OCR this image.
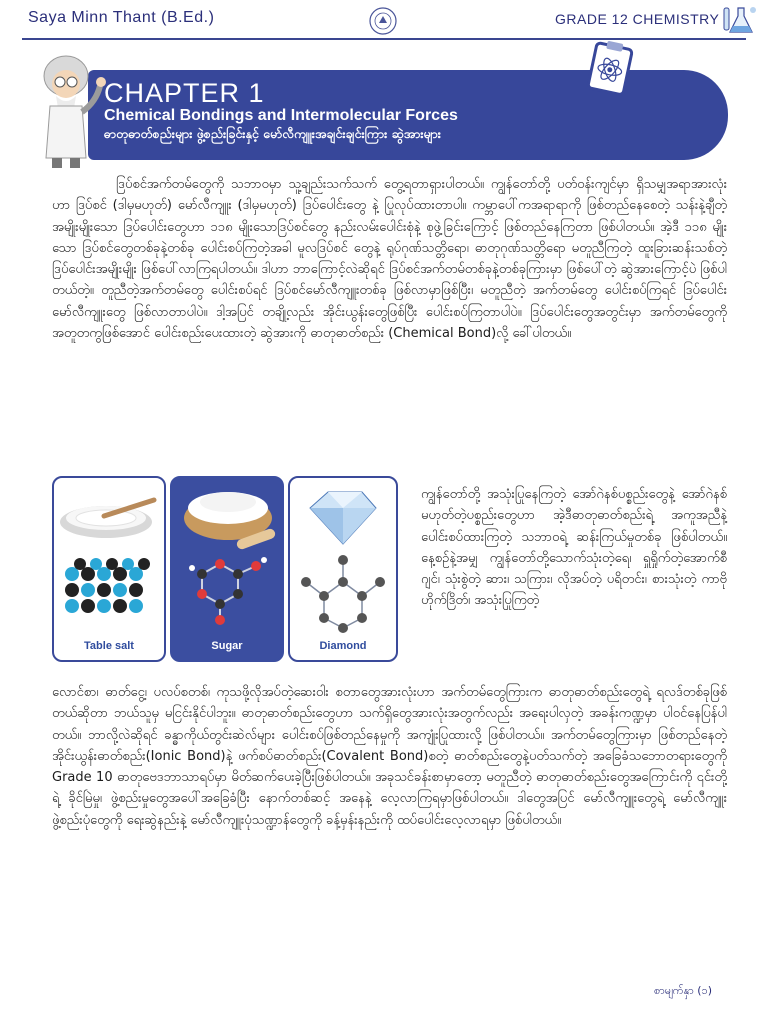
Saya Minn Thant (B.Ed.)	GRADE 12 CHEMISTRY
CHAPTER 1
Chemical Bondings and Intermolecular Forces
ဓာတုဓာတ်စည်းများ ဖွဲ့စည်းခြင်းနှင့် မော်လီကျူးအချင်းချင်းကြား ဆွဲအားများ
ဒြပ်စင်အက်တမ်တွေကို သဘာဝမှာ သူ့ချည်းသက်သက် တွေ့ရတာရှားပါတယ်။ ကျွန်တော်တို့ ပတ်ဝန်းကျင်မှာ ရှိသမျှအရာအားလုံးဟာ ဒြပ်စင် (ဒါမှမဟုတ်) မော်လီကျူး (ဒါမှမဟုတ်) ဒြပ်ပေါင်းတွေ နဲ့ ပြုလုပ်ထားတာပါ။ ကမ္ဘာပေါ်ကအရာရာကို ဖြစ်တည်နေစေတဲ့ သန်းနဲ့ချီတဲ့ အမျိုးမျိုးသော ဒြပ်ပေါင်းတွေဟာ ၁၁၈ မျိုးသောဒြပ်စင်တွေ နည်းလမ်းပေါင်းစုံနဲ့ စုဖွဲ့ခြင်းကြောင့် ဖြစ်တည်နေကြတာ ဖြစ်ပါတယ်။ အဲ့ဒီ ၁၁၈ မျိုးသော ဒြပ်စင်တွေတစ်ခုနဲ့တစ်ခု ပေါင်းစပ်ကြတဲ့အခါ မူလဒြပ်စင် တွေနဲ့ ရုပ်ဂုဏ်သတ္တိရော၊ ဓာတုဂုဏ်သတ္တိရော မတူညီကြတဲ့ ထူးခြားဆန်းသစ်တဲ့ ဒြပ်ပေါင်းအမျိုးမျိုး ဖြစ်ပေါ်လာကြရပါတယ်။ ဒါဟာ ဘာကြောင့်လဲဆိုရင် ဒြပ်စင်အက်တမ်တစ်ခုနဲ့တစ်ခုကြားမှာ ဖြစ်ပေါ်တဲ့ ဆွဲအားကြောင့်ပဲ ဖြစ်ပါတယ်တဲ့။ တူညီတဲ့အက်တမ်တွေ ပေါင်းစပ်ရင် ဒြပ်စင်မော်လီကျူးတစ်ခု ဖြစ်လာမှာဖြစ်ပြီး၊ မတူညီတဲ့ အက်တမ်တွေ ပေါင်းစပ်ကြရင် ဒြပ်ပေါင်းမော်လီကျူးတွေ ဖြစ်လာတာပါပဲ။ ဒါ့အပြင် တချို့လည်း အိုင်းယွန်းတွေဖြစ်ပြီး ပေါင်းစပ်ကြတာပါပဲ။ ဒြပ်ပေါင်းတွေအတွင်းမှာ အက်တမ်တွေကို အတူတကွဖြစ်အောင် ပေါင်းစည်းပေးထားတဲ့ ဆွဲအားကို ဓာတုဓာတ်စည်း (Chemical Bond)လို့ ခေါ်ပါတယ်။
Table salt	Sugar	Diamond
ကျွန်တော်တို့ အသုံးပြုနေကြတဲ့ အော်ဂဲနစ်ပစ္စည်းတွေနဲ့ အော်ဂဲနစ်မဟုတ်တဲ့ပစ္စည်းတွေဟာ အဲ့ဒီဓာတုဓာတ်စည်းရဲ့ အကူအညီနဲ့ ပေါင်းစပ်ထားကြတဲ့ သဘာဝရဲ့ ဆန်းကြယ်မှုတစ်ခု ဖြစ်ပါတယ်။ နေ့စဉ်နဲ့အမျှ ကျွန်တော်တို့သောက်သုံးတဲ့ရေ၊ ရှူရှိုက်တဲ့အောက်စီဂျင်၊ သုံးစွဲတဲ့ ဆား၊ သကြား၊ လိုအပ်တဲ့ ပရိတင်း၊ စားသုံးတဲ့ ကာဗိုဟိုက်ဒြိတ်၊ အသုံးပြုကြတဲ့
လောင်စာ၊ ဓာတ်ငွေ့၊ ပလပ်စတစ်၊ ကုသဖို့လိုအပ်တဲ့ဆေးဝါး စတာတွေအားလုံးဟာ အက်တမ်တွေကြားက ဓာတုဓာတ်စည်းတွေရဲ့ ရလဒ်တစ်ခုဖြစ်တယ်ဆိုတာ ဘယ်သူမှ မငြင်းနိုင်ပါဘူး။ ဓာတုဓာတ်စည်းတွေဟာ သက်ရှိတွေအားလုံးအတွက်လည်း အရေးပါလှတဲ့ အခန်းကဏ္ဍမှာ ပါဝင်နေပြန်ပါတယ်။ ဘာလို့လဲဆိုရင် ခန္ဓာကိုယ်တွင်းဆဲလ်များ ပေါင်းစပ်ဖြစ်တည်နေမှုကို အကျုံးပြုထားလို့ ဖြစ်ပါတယ်။ အက်တမ်တွေကြားမှာ ဖြစ်တည်နေတဲ့ အိုင်းယွန်းဓာတ်စည်း(Ionic Bond)နဲ့ ဖက်စပ်ဓာတ်စည်း(Covalent Bond)စတဲ့ ဓာတ်စည်းတွေနဲ့ပတ်သက်တဲ့ အခြေခံသဘောတရားတွေကို Grade 10 ဓာတုဗေဒဘာသာရပ်မှာ မိတ်ဆက်ပေးခဲ့ပြီးဖြစ်ပါတယ်။ အခုသင်ခန်းစာမှာတော့ မတူညီတဲ့ ဓာတုဓာတ်စည်းတွေအကြောင်းကို ၎င်းတို့ရဲ့ ခိုင်မြဲမှု၊ ဖွဲ့စည်းမှုတွေအပေါ်အခြေခံပြီး နောက်တစ်ဆင့် အနေနဲ့ လေ့လာကြရမှာဖြစ်ပါတယ်။ ဒါတွေအပြင် မော်လီကျူးတွေရဲ့ မော်လီကျူးဖွဲ့စည်းပုံတွေကို ရေးဆွဲနည်းနဲ့ မော်လီကျူးပုံသဏ္ဍာန်တွေကို ခန့်မှန်းနည်းကို ထပ်ပေါင်းလေ့လာရမှာ ဖြစ်ပါတယ်။
စာမျက်နှာ (၁)
